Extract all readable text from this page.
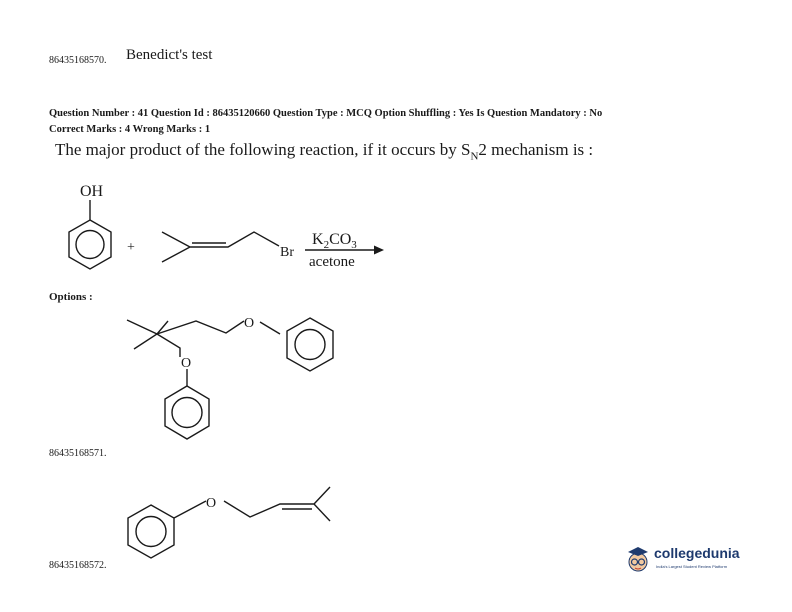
86435168570. Benedict's test
Question Number : 41 Question Id : 86435120660 Question Type : MCQ Option Shuffling : Yes Is Question Mandatory : No
Correct Marks : 4 Wrong Marks : 1
The major product of the following reaction, if it occurs by $S_N2$ mechanism is :
OH
+	Br
$K_2CO_3$
acetone
O
O
O
Options :
86435168571.
86435168572.
collegedunia
India's Largest Student Review Platform
